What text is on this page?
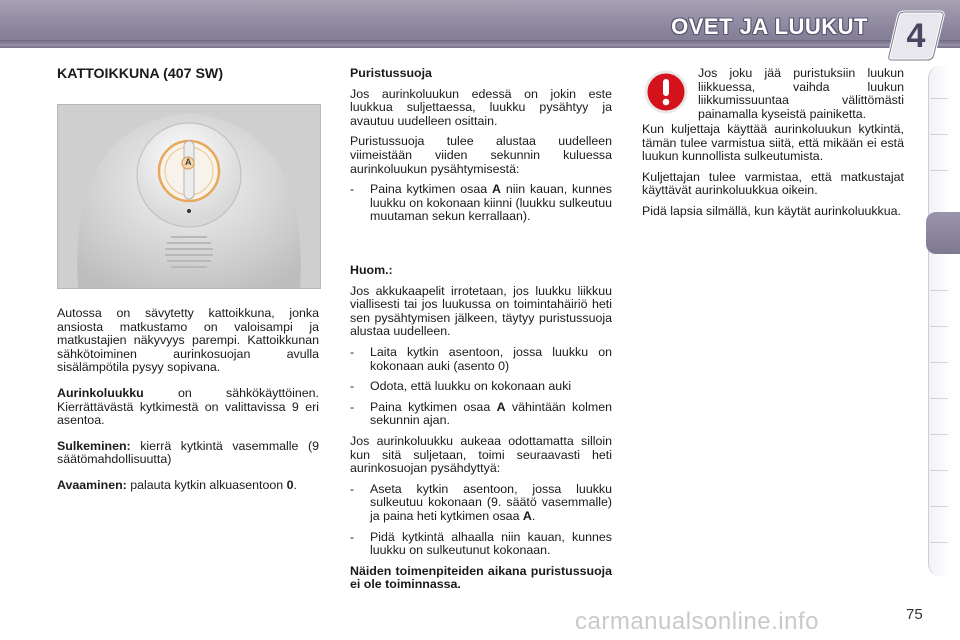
OVET JA LUUKUT	4

KATTOIKKUNA (407 SW)

A

Autossa on sävytetty kattoikkuna, jonka ansiosta matkustamo on valoisampi ja matkustajien näkyvyys parempi. Kattoikkunan sähkötoiminen aurinkosuojan avulla sisälämpötila pysyy sopivana.

Aurinkoluukku on sähkökäyttöinen. Kierrättävästä kytkimestä on valittavissa 9 eri asentoa.

Sulkeminen: kierrä kytkintä vasemmalle (9 säätömahdollisuutta)

Avaaminen: palauta kytkin alkuasentoon 0.

Puristussuoja

Jos aurinkoluukun edessä on jokin este luukkua suljettaessa, luukku pysähtyy ja avautuu uudelleen osittain.

Puristussuoja tulee alustaa uudelleen viimeistään viiden sekunnin kuluessa aurinkoluukun pysähtymisestä:

- Paina kytkimen osaa A niin kauan, kunnes luukku on kokonaan kiinni (luukku sulkeutuu muutaman sekun kerrallaan).

Huom.:

Jos akkukaapelit irrotetaan, jos luukku liikkuu viallisesti tai jos luukussa on toimintahäiriö heti sen pysähtymisen jälkeen, täytyy puristussuoja alustaa uudelleen.

- Laita kytkin asentoon, jossa luukku on kokonaan auki (asento 0)
- Odota, että luukku on kokonaan auki
- Paina kytkimen osaa A vähintään kolmen sekunnin ajan.

Jos aurinkoluukku aukeaa odottamatta silloin kun sitä suljetaan, toimi seuraavasti heti aurinkosuojan pysähdyttyä:

- Aseta kytkin asentoon, jossa luukku sulkeutuu kokonaan (9. säätö vasemmalle) ja paina heti kytkimen osaa A.
- Pidä kytkintä alhaalla niin kauan, kunnes luukku on sulkeutunut kokonaan.

Näiden toimenpiteiden aikana puristussuoja ei ole toiminnassa.

Jos joku jää puristuksiin luukun liikkuessa, vaihda luukun liikkumissuuntaa välittömästi painamalla kyseistä painiketta.

Kun kuljettaja käyttää aurinkoluukun kytkintä, tämän tulee varmistua siitä, että mikään ei estä luukun kunnollista sulkeutumista.

Kuljettajan tulee varmistaa, että matkustajat käyttävät aurinkoluukkua oikein.

Pidä lapsia silmällä, kun käytät aurinkoluukkua.

carmanualsonline.info	75
